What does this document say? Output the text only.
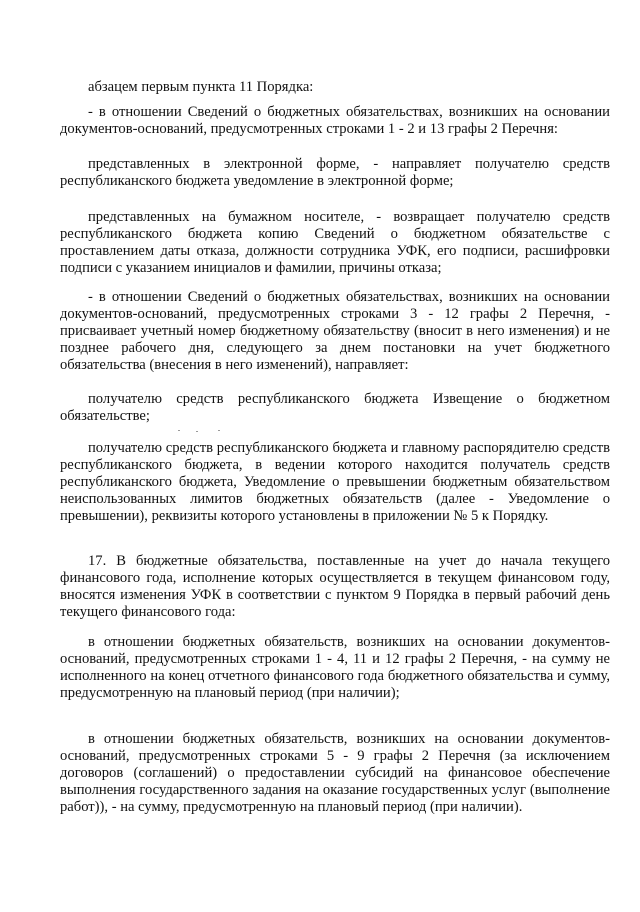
абзацем первым пункта 11 Порядка:

- в отношении Сведений о бюджетных обязательствах, возникших на основании документов-оснований, предусмотренных строками 1 - 2 и 13 графы 2 Перечня:

представленных в электронной форме, - направляет получателю средств республиканского бюджета уведомление в электронной форме;

представленных на бумажном носителе, - возвращает получателю средств республиканского бюджета копию Сведений о бюджетном обязательстве с проставлением даты отказа, должности сотрудника УФК, его подписи, расшифровки подписи с указанием инициалов и фамилии, причины отказа;

- в отношении Сведений о бюджетных обязательствах, возникших на основании документов-оснований, предусмотренных строками 3 - 12 графы 2 Перечня, - присваивает учетный номер бюджетному обязательству (вносит в него изменения) и не позднее рабочего дня, следующего за днем постановки на учет бюджетного обязательства (внесения в него изменений), направляет:

получателю средств республиканского бюджета Извещение о бюджетном обязательстве;

получателю средств республиканского бюджета и главному распорядителю средств республиканского бюджета, в ведении которого находится получатель средств республиканского бюджета, Уведомление о превышении бюджетным обязательством неиспользованных лимитов бюджетных обязательств (далее - Уведомление о превышении), реквизиты которого установлены в приложении № 5 к Порядку.

17. В бюджетные обязательства, поставленные на учет до начала текущего финансового года, исполнение которых осуществляется в текущем финансовом году, вносятся изменения УФК в соответствии с пунктом 9 Порядка в первый рабочий день текущего финансового года:

в отношении бюджетных обязательств, возникших на основании документов-оснований, предусмотренных строками 1 - 4, 11 и 12 графы 2 Перечня, - на сумму не исполненного на конец отчетного финансового года бюджетного обязательства и сумму, предусмотренную на плановый период (при наличии);

в отношении бюджетных обязательств, возникших на основании документов-оснований, предусмотренных строками 5 - 9 графы 2 Перечня (за исключением договоров (соглашений) о предоставлении субсидий на финансовое обеспечение выполнения государственного задания на оказание государственных услуг (выполнение работ)), - на сумму, предусмотренную на плановый период (при наличии).
